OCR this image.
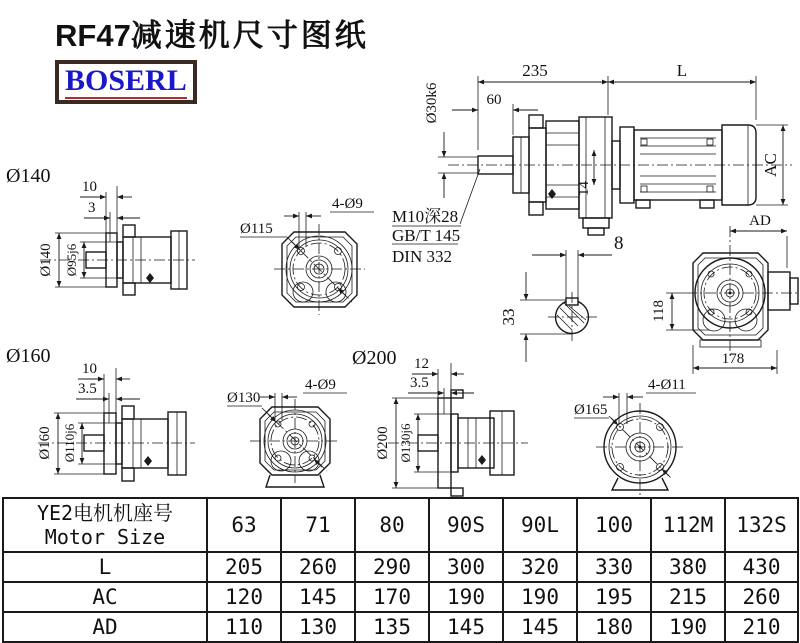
RF47减速机尺寸图纸
BOSERL
14
235	L
60
Ø30k6
AC
M10深28
GB/T 145
DIN 332
8
33
AD
118
178
Ø140 10
3
Ø140 Ø95j6
Ø115
4-Ø9
Ø160
10
3.5
Ø160 Ø110j6
Ø130
4-Ø9
Ø200 12
3.5
Ø200 Ø130j6
Ø165
4-Ø11
YE2电机机座号
Motor Size	63	71	80	90S	90L	100	112M	132S
L	205	260	290	300	320	330	380	430
AC	120	145	170	190	190	195	215	260
AD	110	130	135	145	145	180	190	210
